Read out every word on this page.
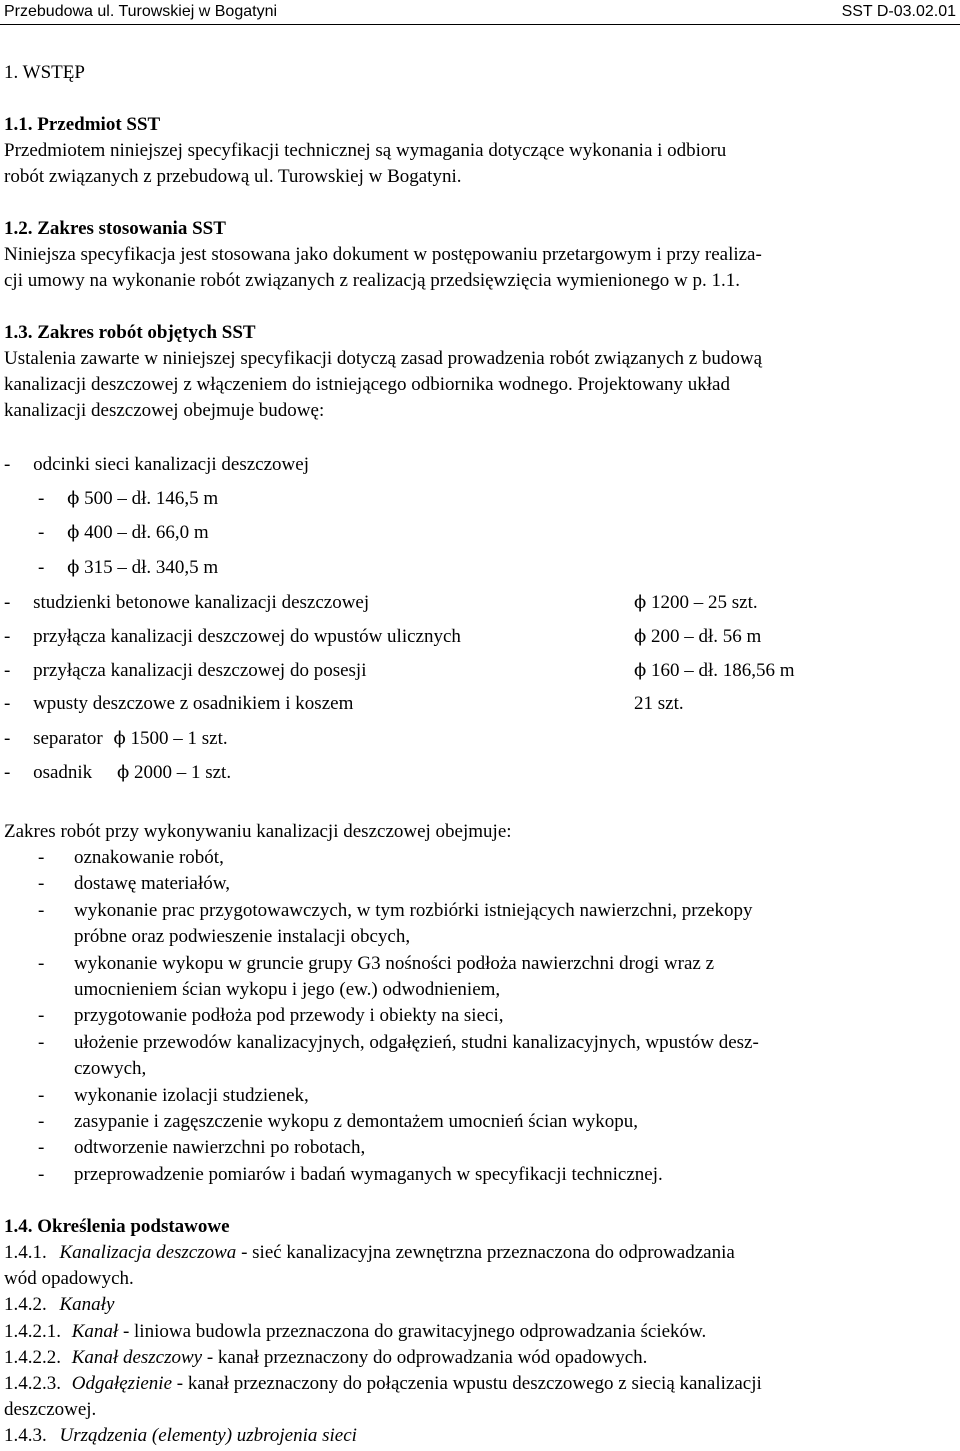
Przebudowa ul. Turowskiej w Bogatyni	SST D-03.02.01
1. WSTĘP
1.1. Przedmiot SST
Przedmiotem niniejszej specyfikacji technicznej są wymagania dotyczące wykonania i odbioru
robót związanych z przebudową ul. Turowskiej w Bogatyni.
1.2. Zakres stosowania SST
Niniejsza specyfikacja jest stosowana jako dokument w postępowaniu przetargowym i przy realiza-
cji umowy na wykonanie robót związanych z realizacją przedsięwzięcia wymienionego w p. 1.1.
1.3. Zakres robót objętych SST
Ustalenia zawarte w niniejszej specyfikacji dotyczą zasad prowadzenia robót związanych z budową
kanalizacji deszczowej z włączeniem do istniejącego odbiornika wodnego. Projektowany układ
kanalizacji deszczowej obejmuje budowę:
- odcinki sieci kanalizacji deszczowej
- ϕ 500 – dł. 146,5 m
- ϕ 400 – dł. 66,0 m
- ϕ 315 – dł. 340,5 m
- studzienki betonowe kanalizacji deszczowej	ϕ 1200 – 25 szt.
- przyłącza kanalizacji deszczowej do wpustów ulicznych	ϕ 200 – dł. 56 m
- przyłącza kanalizacji deszczowej do posesji	ϕ 160 – dł. 186,56 m
- wpusty deszczowe z osadnikiem i koszem	21 szt.
- separator ϕ 1500 – 1 szt.
- osadnik ϕ 2000 – 1 szt.
Zakres robót przy wykonywaniu kanalizacji deszczowej obejmuje:
- oznakowanie robót,
- dostawę materiałów,
- wykonanie prac przygotowawczych, w tym rozbiórki istniejących nawierzchni, przekopy
próbne oraz podwieszenie instalacji obcych,
- wykonanie wykopu w gruncie grupy G3 nośności podłoża nawierzchni drogi wraz z
umocnieniem ścian wykopu i jego (ew.) odwodnieniem,
- przygotowanie podłoża pod przewody i obiekty na sieci,
- ułożenie przewodów kanalizacyjnych, odgałęzień, studni kanalizacyjnych, wpustów desz-
czowych,
- wykonanie izolacji studzienek,
- zasypanie i zagęszczenie wykopu z demontażem umocnień ścian wykopu,
- odtworzenie nawierzchni po robotach,
- przeprowadzenie pomiarów i badań wymaganych w specyfikacji technicznej.
1.4. Określenia podstawowe
1.4.1. Kanalizacja deszczowa - sieć kanalizacyjna zewnętrzna przeznaczona do odprowadzania
wód opadowych.
1.4.2. Kanały
1.4.2.1. Kanał - liniowa budowla przeznaczona do grawitacyjnego odprowadzania ścieków.
1.4.2.2. Kanał deszczowy - kanał przeznaczony do odprowadzania wód opadowych.
1.4.2.3. Odgałęzienie - kanał przeznaczony do połączenia wpustu deszczowego z siecią kanalizacji
deszczowej.
1.4.3. Urządzenia (elementy) uzbrojenia sieci
